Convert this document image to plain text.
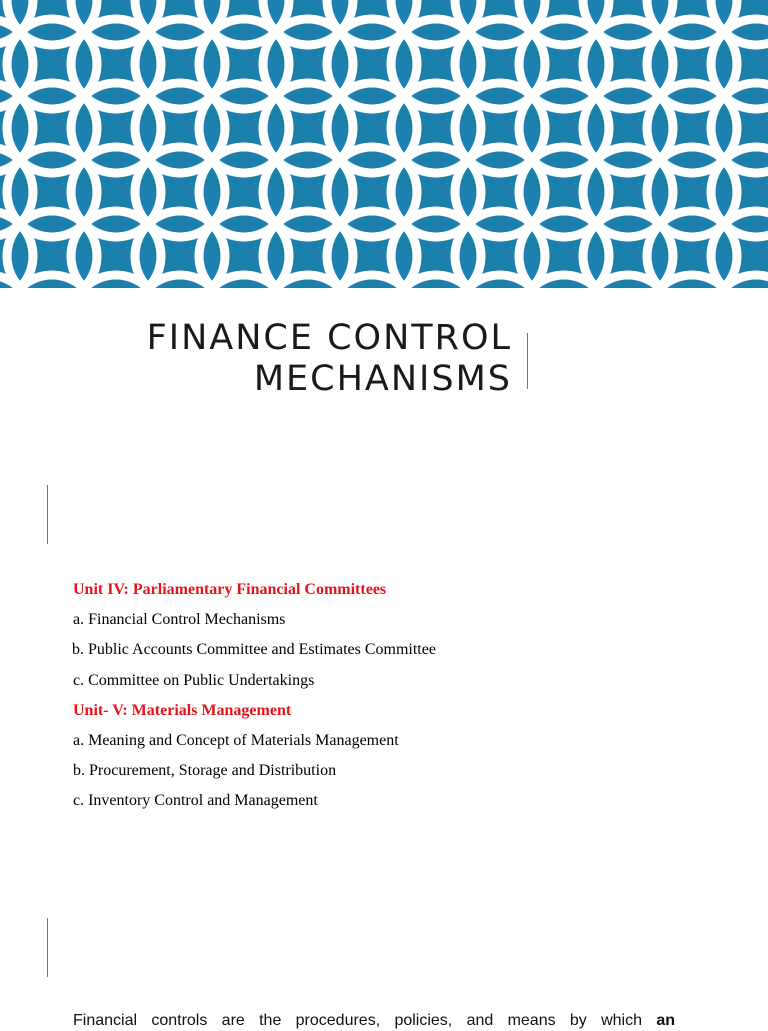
FINANCE CONTROL
MECHANISMS
Unit IV: Parliamentary Financial Committees
a. Financial Control Mechanisms
b. Public Accounts Committee and Estimates Committee
c. Committee on Public Undertakings
Unit- V: Materials Management
a. Meaning and Concept of Materials Management
b. Procurement, Storage and Distribution
c. Inventory Control and Management

Financial controls are the procedures, policies, and means by which an
